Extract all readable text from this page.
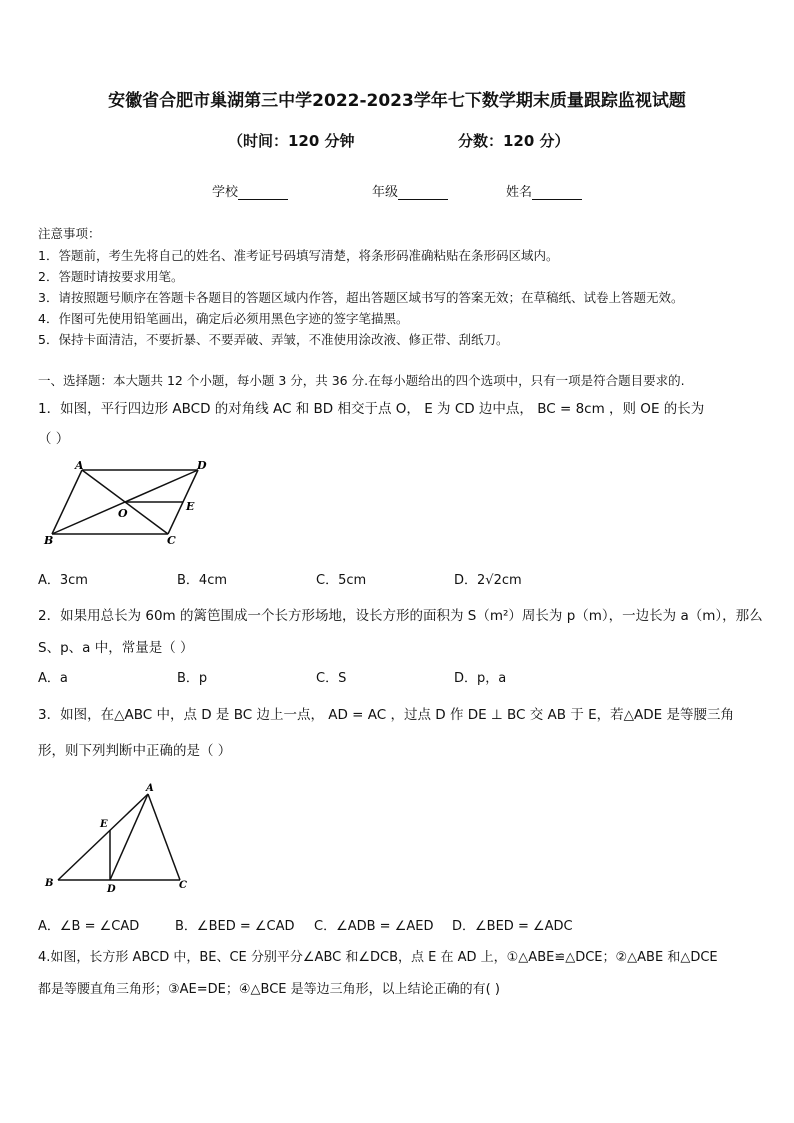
安徽省合肥市巢湖第三中学2022-2023学年七下数学期末质量跟踪监视试题
（时间：120 分钟	分数：120 分）
学校	年级	姓名
注意事项：
1．答题前，考生先将自己的姓名、准考证号码填写清楚，将条形码准确粘贴在条形码区域内。
2．答题时请按要求用笔。
3．请按照题号顺序在答题卡各题目的答题区域内作答，超出答题区域书写的答案无效；在草稿纸、试卷上答题无效。
4．作图可先使用铅笔画出，确定后必须用黑色字迹的签字笔描黑。
5．保持卡面清洁，不要折暴、不要弄破、弄皱，不准使用涂改液、修正带、刮纸刀。
一、选择题：本大题共 12 个小题，每小题 3 分，共 36 分.在每小题给出的四个选项中，只有一项是符合题目要求的.
1．如图，平行四边形 ABCD 的对角线 AC 和 BD 相交于点 O， E 为 CD 边中点， BC = 8cm ，则 OE 的长为
（ ）
A	D
E
O
B	C
A．3cm	B．4cm	C．5cm	D．2√2cm
2．如果用总长为 60m 的篱笆围成一个长方形场地，设长方形的面积为 S（m²）周长为 p（m），一边长为 a（m），那么
S、p、a 中，常量是（ ）
A．a	B．p	C．S	D．p，a
3．如图，在△ABC 中，点 D 是 BC 边上一点， AD = AC ，过点 D 作 DE ⊥ BC 交 AB 于 E，若△ADE 是等腰三角
形，则下列判断中正确的是（ ）
A
E
B
D	C
A．∠B = ∠CAD	B．∠BED = ∠CAD C．∠ADB = ∠AED D．∠BED = ∠ADC
4.如图，长方形 ABCD 中，BE、CE 分别平分∠ABC 和∠DCB，点 E 在 AD 上，①△ABE≌△DCE；②△ABE 和△DCE
都是等腰直角三角形；③AE=DE；④△BCE 是等边三角形，以上结论正确的有( )
